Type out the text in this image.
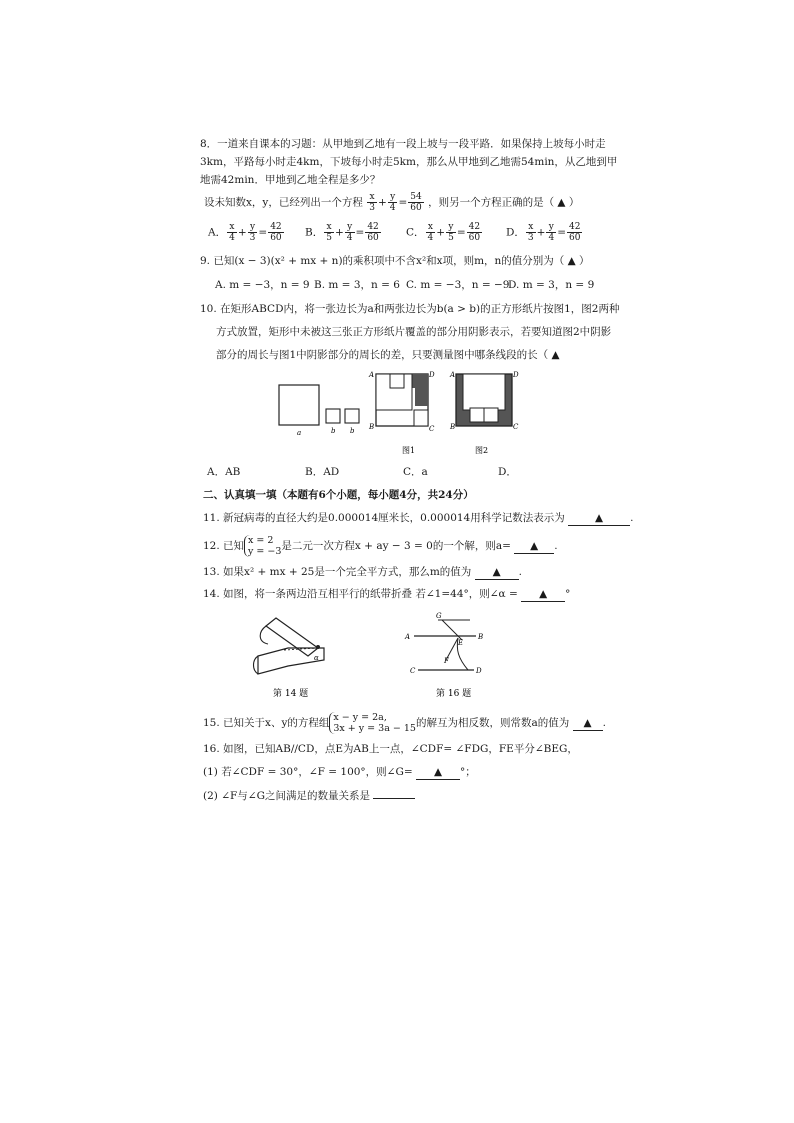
8．一道来自课本的习题：从甲地到乙地有一段上坡与一段平路．如果保持上坡每小时走
3km，平路每小时走4km，下坡每小时走5km，那么从甲地到乙地需54min，从乙地到甲
地需42min．甲地到乙地全程是多少？
设未知数x，y，已经列出一个方程 $\frac{x}{3} + \frac{y}{4} = \frac{54}{60}$ ，则另一个方程正确的是（ ▲ ）
A． $\frac{x}{4} + \frac{y}{3} = \frac{42}{60}$ B． $\frac{x}{5} + \frac{y}{4} = \frac{42}{60}$ C． $\frac{x}{4} + \frac{y}{5} = \frac{42}{60}$ D． $\frac{x}{3} + \frac{y}{4} = \frac{42}{60}$
9. 已知(x − 3)(x² + mx + n)的乘积项中不含x²和x项，则m，n的值分别为（ ▲ ）
A. m = −3，n = 9 B. m = 3，n = 6 C. m = −3，n = −9
D. m = 3，n = 9
10. 在矩形ABCD内，将一张边长为a和两张边长为b(a > b)的正方形纸片按图1，图2两种
方式放置，矩形中未被这三张正方形纸片覆盖的部分用阴影表示，若要知道图2中阴影
部分的周长与图1中阴影部分的周长的差，只要测量图中哪条线段的长（ ▲
a	b b
A	D
B	C
图1
A	D
B	C
图2
A．AB	B．AD	C．a	D．
二、认真填一填（本题有6个小题，每小题4分，共24分）
11. 新冠病毒的直径大约是0.000014厘米长，0.000014用科学记数法表示为	▲	.
12. 已知 x = 2
y = −3 是二元一次方程x + ay − 3 = 0的一个解，则a= ▲ .
13. 如果x² + mx + 25是一个完全平方式，那么m的值为 ▲ .
14. 如图，将一条两边沿互相平行的纸带折叠 若∠1=44°，则∠α = ▲ °
α
第 14 题
G
A	B
E
F
C	D
第 16 题
15. 已知关于x、y的方程组 x − y = 2a,
3x + y = 3a − 15 的解互为相反数，则常数a的值为 ▲ .
16. 如图，已知AB//CD，点E为AB上一点，∠CDF= ∠FDG，FE平分∠BEG，
(1) 若∠CDF = 30°，∠F = 100°，则∠G= ▲ °；
(2) ∠F与∠G之间满足的数量关系是
